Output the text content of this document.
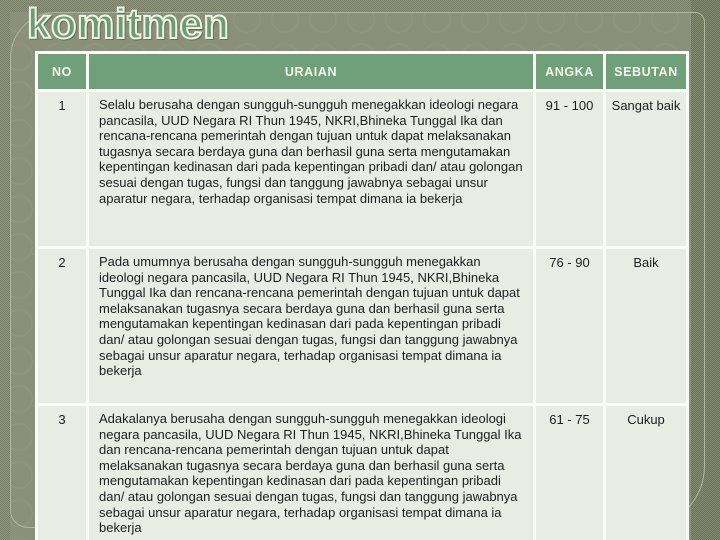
komitmen
NO	URAIAN	ANGKA	SEBUTAN
1	Selalu berusaha dengan sungguh-sungguh menegakkan ideologi negara pancasila, UUD Negara RI Thun 1945, NKRI,Bhineka Tunggal Ika dan rencana-rencana pemerintah dengan tujuan untuk dapat melaksanakan tugasnya secara berdaya guna dan berhasil guna serta mengutamakan kepentingan kedinasan dari pada kepentingan pribadi dan/ atau golongan sesuai dengan tugas, fungsi dan tanggung jawabnya sebagai unsur aparatur negara, terhadap organisasi tempat dimana ia bekerja
91 - 100	Sangat baik
2	Pada umumnya berusaha dengan sungguh-sungguh menegakkan ideologi negara pancasila, UUD Negara RI Thun 1945, NKRI,Bhineka Tunggal Ika dan rencana-rencana pemerintah dengan tujuan untuk dapat melaksanakan tugasnya secara berdaya guna dan berhasil guna serta mengutamakan kepentingan kedinasan dari pada kepentingan pribadi dan/ atau golongan sesuai dengan tugas, fungsi dan tanggung jawabnya sebagai unsur aparatur negara, terhadap organisasi tempat dimana ia bekerja
76 - 90	Baik
3	Adakalanya berusaha dengan sungguh-sungguh menegakkan ideologi negara pancasila, UUD Negara RI Thun 1945, NKRI,Bhineka Tunggal Ika dan rencana-rencana pemerintah dengan tujuan untuk dapat melaksanakan tugasnya secara berdaya guna dan berhasil guna serta mengutamakan kepentingan kedinasan dari pada kepentingan pribadi dan/ atau golongan sesuai dengan tugas, fungsi dan tanggung jawabnya sebagai unsur aparatur negara, terhadap organisasi tempat dimana ia bekerja
61 - 75	Cukup
